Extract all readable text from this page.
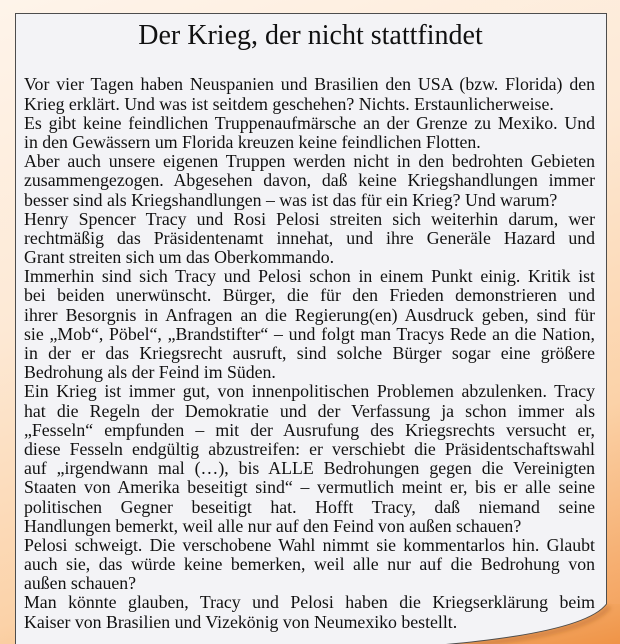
Der Krieg, der nicht stattfindet
Vor vier Tagen haben Neuspanien und Brasilien den USA (bzw. Florida) den
Krieg erklärt. Und was ist seitdem geschehen? Nichts. Erstaunlicherweise.
Es gibt keine feindlichen Truppenaufmärsche an der Grenze zu Mexiko. Und
in den Gewässern um Florida kreuzen keine feindlichen Flotten.
Aber auch unsere eigenen Truppen werden nicht in den bedrohten Gebieten
zusammengezogen. Abgesehen davon, daß keine Kriegshandlungen immer
besser sind als Kriegshandlungen – was ist das für ein Krieg? Und warum?
Henry Spencer Tracy und Rosi Pelosi streiten sich weiterhin darum, wer
rechtmäßig das Präsidentenamt innehat, und ihre Generäle Hazard und
Grant streiten sich um das Oberkommando.
Immerhin sind sich Tracy und Pelosi schon in einem Punkt einig. Kritik ist
bei beiden unerwünscht. Bürger, die für den Frieden demonstrieren und
ihrer Besorgnis in Anfragen an die Regierung(en) Ausdruck geben, sind für
sie „Mob“, Pöbel“, „Brandstifter“ – und folgt man Tracys Rede an die Nation,
in der er das Kriegsrecht ausruft, sind solche Bürger sogar eine größere
Bedrohung als der Feind im Süden.
Ein Krieg ist immer gut, von innenpolitischen Problemen abzulenken. Tracy
hat die Regeln der Demokratie und der Verfassung ja schon immer als
„Fesseln“ empfunden – mit der Ausrufung des Kriegsrechts versucht er,
diese Fesseln endgültig abzustreifen: er verschiebt die Präsidentschaftswahl
auf „irgendwann mal (…), bis ALLE Bedrohungen gegen die Vereinigten
Staaten von Amerika beseitigt sind“ – vermutlich meint er, bis er alle seine
politischen Gegner beseitigt hat. Hofft Tracy, daß niemand seine
Handlungen bemerkt, weil alle nur auf den Feind von außen schauen?
Pelosi schweigt. Die verschobene Wahl nimmt sie kommentarlos hin. Glaubt
auch sie, das würde keine bemerken, weil alle nur auf die Bedrohung von
außen schauen?
Man könnte glauben, Tracy und Pelosi haben die Kriegserklärung beim
Kaiser von Brasilien und Vizekönig von Neumexiko bestellt.
